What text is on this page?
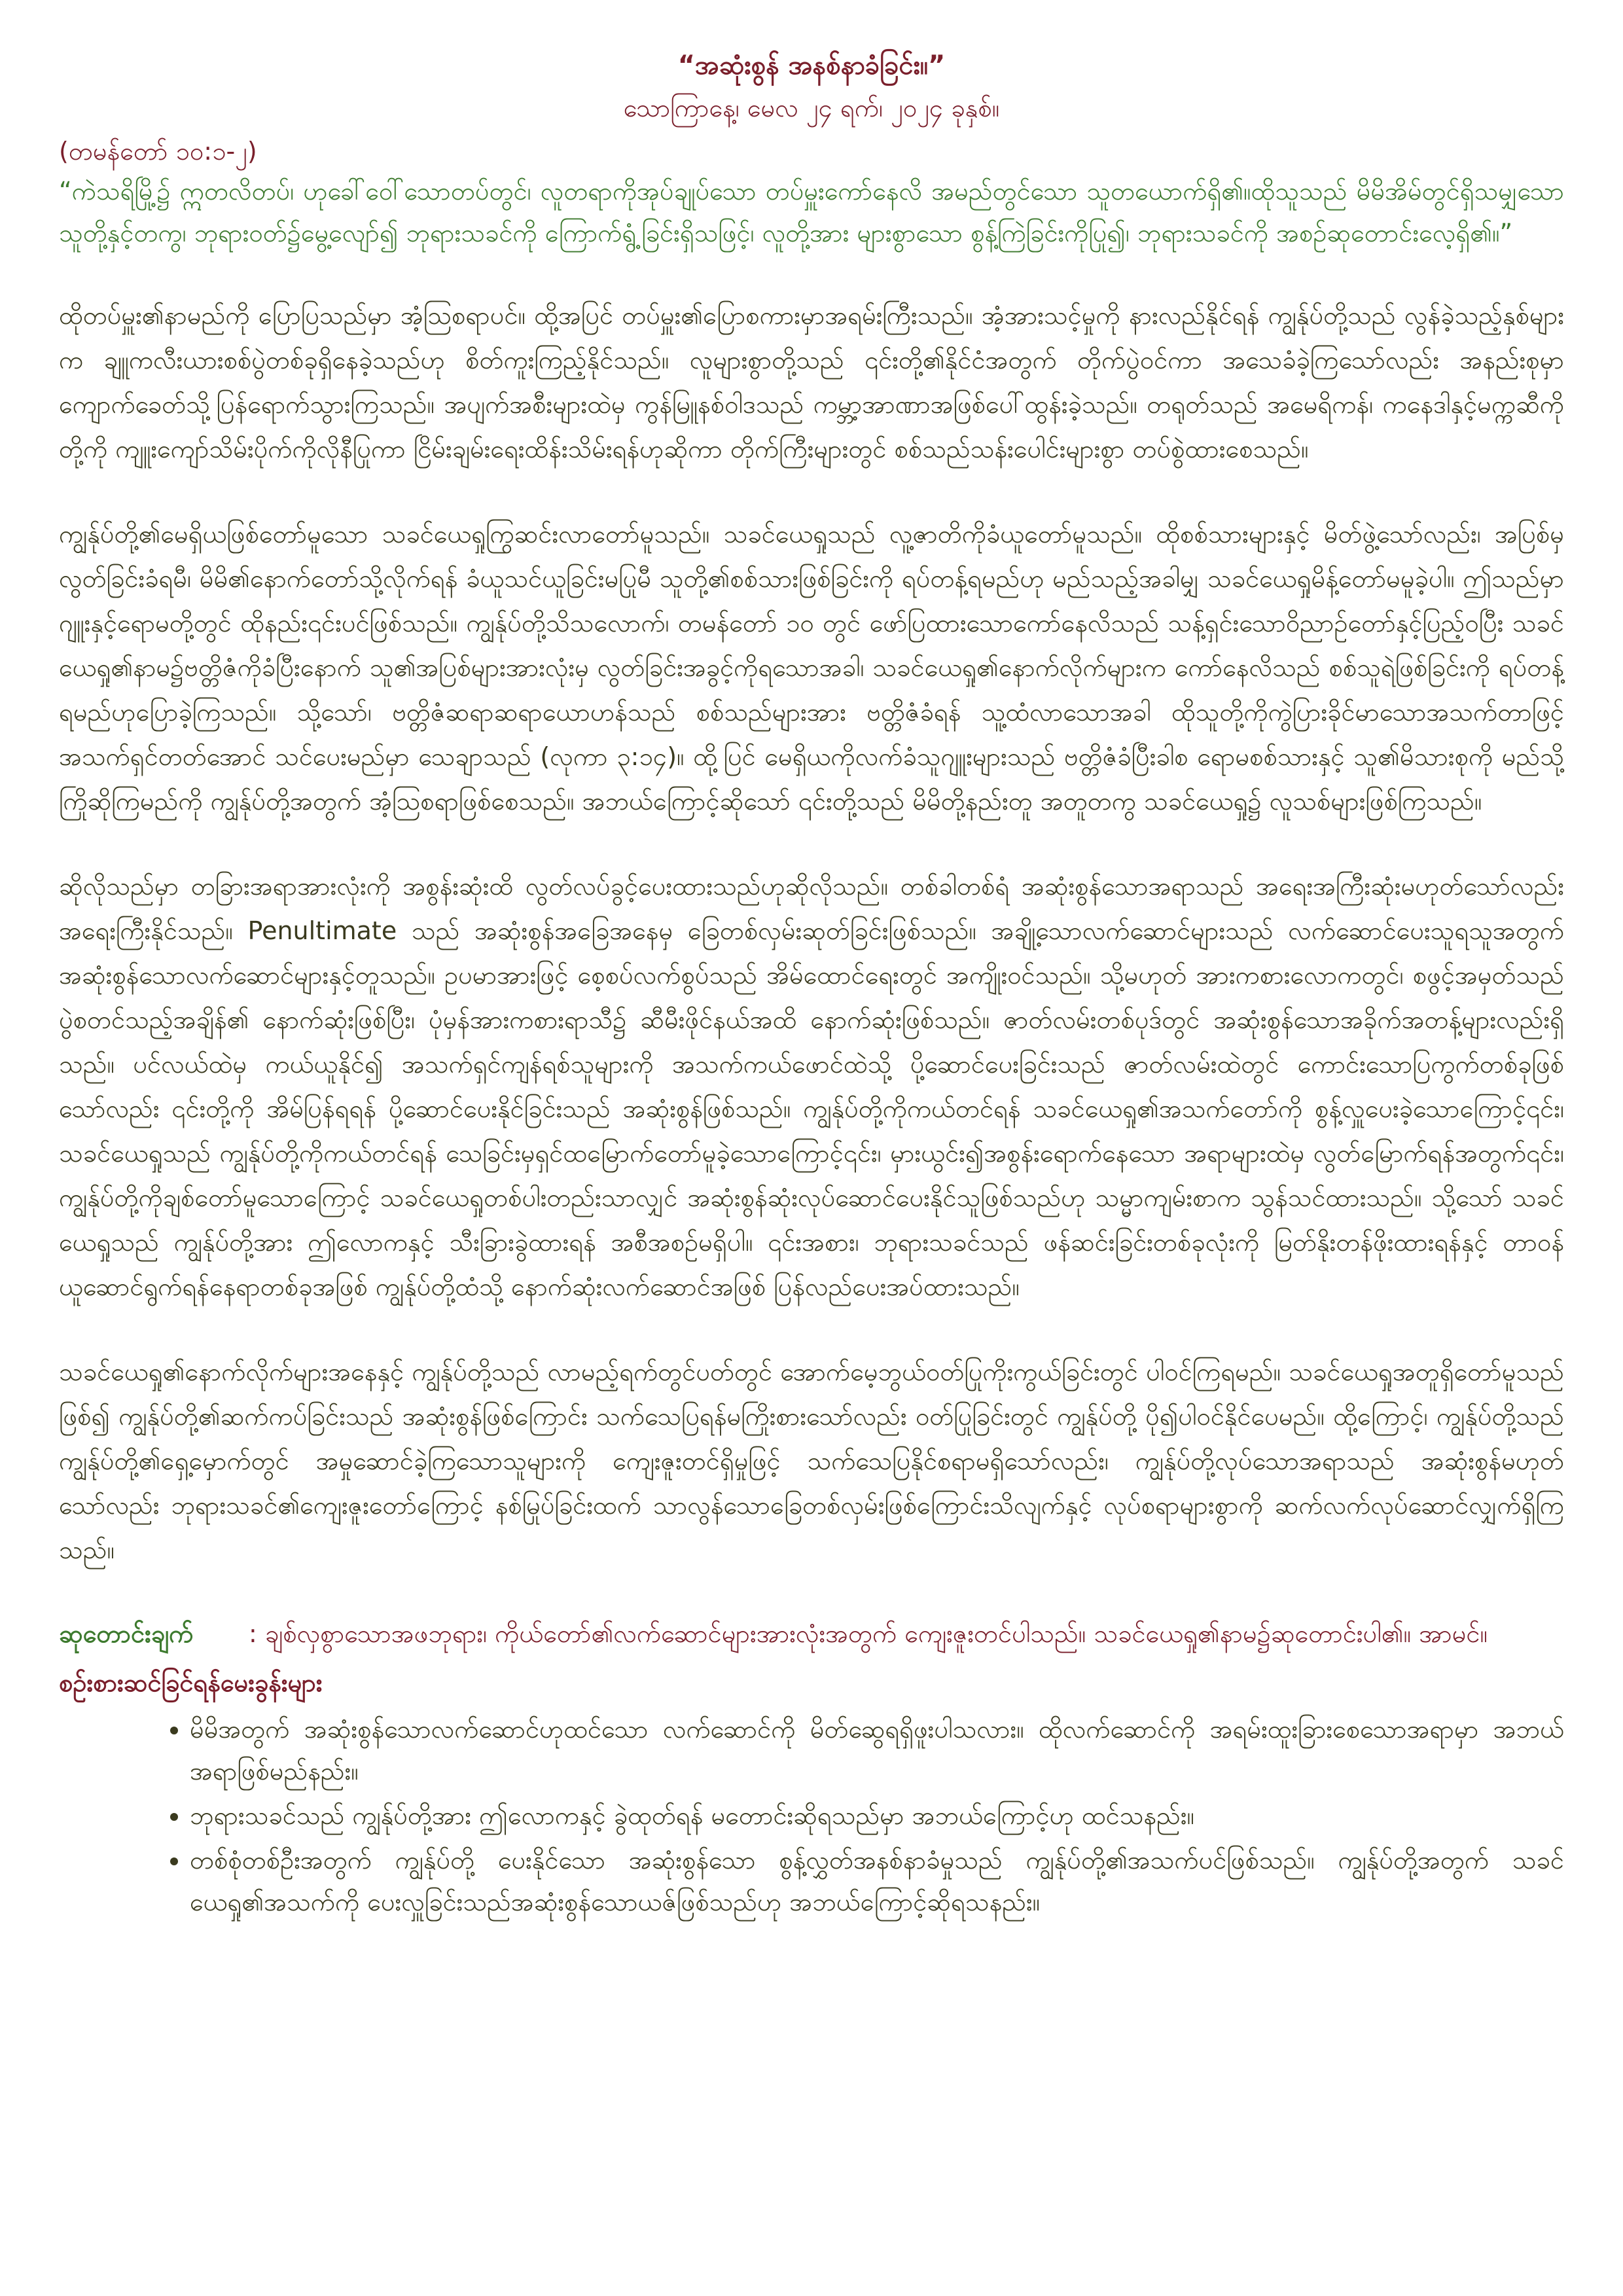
“အဆုံးစွန် အနစ်နာခံခြင်း။”

သောကြာနေ့၊ မေလ ၂၄ ရက်၊ ၂၀၂၄ ခုနှစ်။

(တမန်တော် ၁၀:၁-၂)

“ကဲသရိမြို့၌ ဣတလိတပ်၊ ဟုခေါ်ဝေါ်သောတပ်တွင်၊ လူတရာကိုအုပ်ချုပ်သော တပ်မှူးကော်နေလိ အမည်တွင်သော သူတယောက်ရှိ၏။ထိုသူသည် မိမိအိမ်တွင်ရှိသမျှသောသူတို့နှင့်တကွ၊ ဘုရားဝတ်၌မွေ့လျော်၍ ဘုရားသခင်ကို ကြောက်ရွံ့ခြင်းရှိသဖြင့်၊ လူတို့အား များစွာသော စွန့်ကြဲခြင်းကိုပြု၍၊ ဘုရားသခင်ကို အစဉ်ဆုတောင်းလေ့ရှိ၏။”

ထိုတပ်မှူး၏နာမည်ကို ပြောပြသည်မှာ အံ့သြစရာပင်။ ထို့အပြင် တပ်မှူး၏ပြောစကားမှာအရမ်းကြီးသည်။ အံ့အားသင့်မှုကို နားလည်နိုင်ရန် ကျွန်ုပ်တို့သည် လွန်ခဲ့သည့်နှစ်များက ချူကလီးယားစစ်ပွဲတစ်ခုရှိနေခဲ့သည်ဟု စိတ်ကူးကြည့်နိုင်သည်။ လူများစွာတို့သည် ၎င်းတို့၏နိုင်ငံအတွက် တိုက်ပွဲဝင်ကာ အသေခံခဲ့ကြသော်လည်း အနည်းစုမှာ ကျောက်ခေတ်သို့ပြန်ရောက်သွားကြသည်။ အပျက်အစီးများထဲမှ ကွန်မြူနစ်ဝါဒသည် ကမ္ဘာ့အာဏာအဖြစ်ပေါ်ထွန်းခဲ့သည်။ တရုတ်သည် အမေရိကန်၊ ကနေဒါနှင့်မက္ကဆီကိုတို့ကို ကျူးကျော်သိမ်းပိုက်ကိုလိုနီပြုကာ ငြိမ်းချမ်းရေးထိန်းသိမ်းရန်ဟုဆိုကာ တိုက်ကြီးများတွင် စစ်သည်သန်းပေါင်းများစွာ တပ်စွဲထားစေသည်။

ကျွန်ုပ်တို့၏မေရှိယဖြစ်တော်မူသော သခင်ယေရှုကြွဆင်းလာတော်မူသည်။ သခင်ယေရှုသည် လူ့ဇာတိကိုခံယူတော်မူသည်။ ထိုစစ်သားများနှင့် မိတ်ဖွဲ့သော်လည်း၊ အပြစ်မှလွတ်ခြင်းခံရမီ၊ မိမိ၏နောက်တော်သို့လိုက်ရန် ခံယူသင်ယူခြင်းမပြုမီ သူတို့၏စစ်သားဖြစ်ခြင်းကို ရပ်တန့်ရမည်ဟု မည်သည့်အခါမျှ သခင်ယေရှုမိန့်တော်မမူခဲ့ပါ။ ဤသည်မှာ ဂျူးနှင့်ရောမတို့တွင် ထိုနည်း၎င်းပင်ဖြစ်သည်။ ကျွန်ုပ်တို့သိသလောက်၊ တမန်တော် ၁၀ တွင် ဖော်ပြထားသောကော်နေလိသည် သန့်ရှင်းသောဝိညာဉ်တော်နှင့်ပြည့်ဝပြီး သခင်ယေရှု၏နာမ၌ဗတ္တိဇံကိုခံပြီးနောက် သူ၏အပြစ်များအားလုံးမှ လွတ်ခြင်းအခွင့်ကိုရသောအခါ၊ သခင်ယေရှု၏နောက်လိုက်များက ကော်နေလိသည် စစ်သူရဲဖြစ်ခြင်းကို ရပ်တန့်ရမည်ဟုပြောခဲ့ကြသည်။ သို့သော်၊ ဗတ္တိဇံဆရာဆရာယောဟန်သည် စစ်သည်များအား ဗတ္တိဇံခံရန် သူ့ထံလာသောအခါ ထိုသူတို့ကိုကွဲပြားခိုင်မာသောအသက်တာဖြင့် အသက်ရှင်တတ်အောင် သင်ပေးမည်မှာ သေချာသည် (လုကာ ၃:၁၄)။ ထို့ပြင် မေရှိယကိုလက်ခံသူဂျူးများသည် ဗတ္တိဇံခံပြီးခါစ ရောမစစ်သားနှင့် သူ၏မိသားစုကို မည်သို့ကြိုဆိုကြမည်ကို ကျွန်ုပ်တို့အတွက် အံ့သြစရာဖြစ်စေသည်။ အဘယ်ကြောင့်ဆိုသော် ၎င်းတို့သည် မိမိတို့နည်းတူ အတူတကွ သခင်ယေရှု၌ လူသစ်များဖြစ်ကြသည်။

ဆိုလိုသည်မှာ တခြားအရာအားလုံးကို အစွန်းဆုံးထိ လွတ်လပ်ခွင့်ပေးထားသည်ဟုဆိုလိုသည်။ တစ်ခါတစ်ရံ အဆုံးစွန်သောအရာသည် အရေးအကြီးဆုံးမဟုတ်သော်လည်း အရေးကြီးနိုင်သည်။ Penultimate သည် အဆုံးစွန်အခြေအနေမှ ခြေတစ်လှမ်းဆုတ်ခြင်းဖြစ်သည်။ အချို့သောလက်ဆောင်များသည် လက်ဆောင်ပေးသူရသူအတွက် အဆုံးစွန်သောလက်ဆောင်များနှင့်တူသည်။ ဥပမာအားဖြင့် စေ့စပ်လက်စွပ်သည် အိမ်ထောင်ရေးတွင် အကျိုးဝင်သည်။ သို့မဟုတ် အားကစားလောကတွင်၊ စဖွင့်အမှတ်သည် ပွဲစတင်သည့်အချိန်၏ နောက်ဆုံးဖြစ်ပြီး၊ ပုံမှန်အားကစားရာသီ၌ ဆီမီးဖိုင်နယ်အထိ နောက်ဆုံးဖြစ်သည်။ ဇာတ်လမ်းတစ်ပုဒ်တွင် အဆုံးစွန်သောအခိုက်အတန့်များလည်းရှိသည်။ ပင်လယ်ထဲမှ ကယ်ယူနိုင်၍ အသက်ရှင်ကျန်ရစ်သူများကို အသက်ကယ်ဖောင်ထဲသို့ ပို့ဆောင်ပေးခြင်းသည် ဇာတ်လမ်းထဲတွင် ကောင်းသောပြကွက်တစ်ခုဖြစ်သော်လည်း ၎င်းတို့ကို အိမ်ပြန်ရရန် ပို့ဆောင်ပေးနိုင်ခြင်းသည် အဆုံးစွန်ဖြစ်သည်။ ကျွန်ုပ်တို့ကိုကယ်တင်ရန် သခင်ယေရှု၏အသက်တော်ကို စွန့်လှူပေးခဲ့သောကြောင့်၎င်း၊ သခင်ယေရှုသည် ကျွန်ုပ်တို့ကိုကယ်တင်ရန် သေခြင်းမှရှင်ထမြောက်တော်မူခဲ့သောကြောင့်၎င်း၊ မှားယွင်း၍အစွန်းရောက်နေသော အရာများထဲမှ လွတ်မြောက်ရန်အတွက်၎င်း၊ ကျွန်ုပ်တို့ကိုချစ်တော်မူသောကြောင့် သခင်ယေရှုတစ်ပါးတည်းသာလျှင် အဆုံးစွန်ဆုံးလုပ်ဆောင်ပေးနိုင်သူဖြစ်သည်ဟု သမ္မာကျမ်းစာက သွန်သင်ထားသည်။ သို့သော် သခင်ယေရှုသည် ကျွန်ုပ်တို့အား ဤလောကနှင့် သီးခြားခွဲထားရန် အစီအစဉ်မရှိပါ။ ၎င်းအစား၊ ဘုရားသခင်သည် ဖန်ဆင်းခြင်းတစ်ခုလုံးကို မြတ်နိုးတန်ဖိုးထားရန်နှင့် တာဝန်ယူဆောင်ရွက်ရန်နေရာတစ်ခုအဖြစ် ကျွန်ုပ်တို့ထံသို့ နောက်ဆုံးလက်ဆောင်အဖြစ် ပြန်လည်ပေးအပ်ထားသည်။

သခင်ယေရှု၏နောက်လိုက်များအနေနှင့် ကျွန်ုပ်တို့သည် လာမည့်ရက်တွင်ပတ်တွင် အောက်မေ့ဘွယ်ဝတ်ပြုကိုးကွယ်ခြင်းတွင် ပါဝင်ကြရမည်။ သခင်ယေရှုအတူရှိတော်မူသည်ဖြစ်၍ ကျွန်ုပ်တို့၏ဆက်ကပ်ခြင်းသည် အဆုံးစွန်ဖြစ်ကြောင်း သက်သေပြရန်မကြိုးစားသော်လည်း ဝတ်ပြုခြင်းတွင် ကျွန်ုပ်တို့ ပို၍ပါဝင်နိုင်ပေမည်။ ထို့ကြောင့်၊ ကျွန်ုပ်တို့သည် ကျွန်ုပ်တို့၏ရှေ့မှောက်တွင် အမှုဆောင်ခဲ့ကြသောသူများကို ကျေးဇူးတင်ရှိမှုဖြင့် သက်သေပြနိုင်စရာမရှိသော်လည်း၊ ကျွန်ုပ်တို့လုပ်သောအရာသည် အဆုံးစွန်မဟုတ်သော်လည်း ဘုရားသခင်၏ကျေးဇူးတော်ကြောင့် နစ်မြုပ်ခြင်းထက် သာလွန်သောခြေတစ်လှမ်းဖြစ်ကြောင်းသိလျက်နှင့် လုပ်စရာများစွာကို ဆက်လက်လုပ်ဆောင်လျှက်ရှိကြသည်။

ဆုတောင်းချက် : ချစ်လှစွာသောအဖဘုရား၊ ကိုယ်တော်၏လက်ဆောင်များအားလုံးအတွက် ကျေးဇူးတင်ပါသည်။ သခင်ယေရှု၏နာမ၌ဆုတောင်းပါ၏။ အာမင်။

စဉ်းစားဆင်ခြင်ရန်မေးခွန်းများ

• မိမိအတွက် အဆုံးစွန်သောလက်ဆောင်ဟုထင်သော လက်ဆောင်ကို မိတ်ဆွေရရှိဖူးပါသလား။ ထိုလက်ဆောင်ကို အရမ်းထူးခြားစေသောအရာမှာ အဘယ်အရာဖြစ်မည်နည်း။
• ဘုရားသခင်သည် ကျွန်ုပ်တို့အား ဤလောကနှင့် ခွဲထုတ်ရန် မတောင်းဆိုရသည်မှာ အဘယ်ကြောင့်ဟု ထင်သနည်း။
• တစ်စုံတစ်ဦးအတွက် ကျွန်ုပ်တို့ ပေးနိုင်သော အဆုံးစွန်သော စွန့်လွှတ်အနစ်နာခံမှုသည် ကျွန်ုပ်တို့၏အသက်ပင်ဖြစ်သည်။ ကျွန်ုပ်တို့အတွက် သခင်ယေရှု၏အသက်ကို ပေးလှူခြင်းသည်အဆုံးစွန်သောယဇ်ဖြစ်သည်ဟု အဘယ်ကြောင့်ဆိုရသနည်း။
